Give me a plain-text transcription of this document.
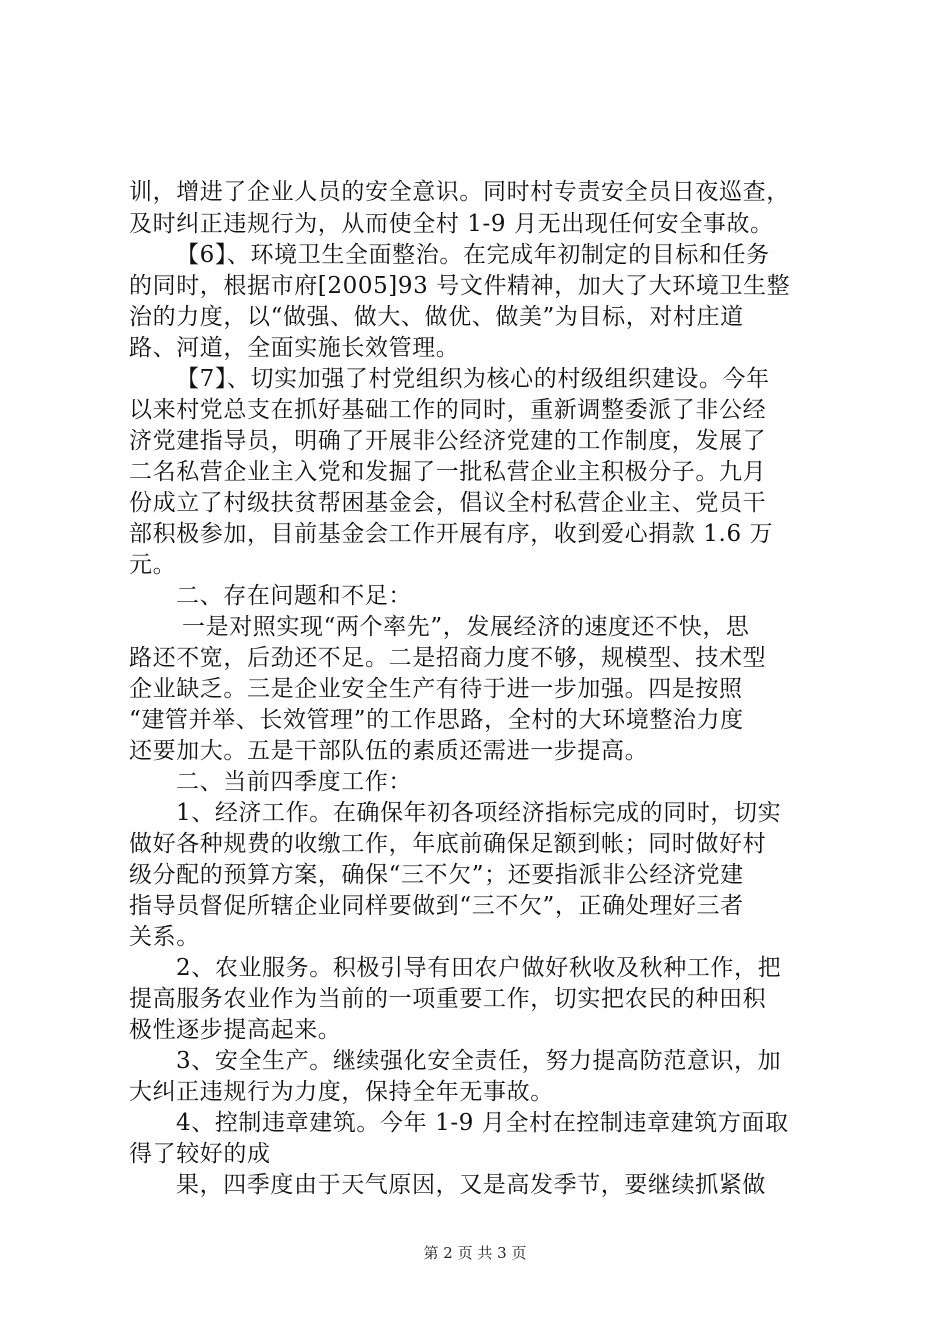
训，增进了企业人员的安全意识。同时村专责安全员日夜巡查，
及时纠正违规行为，从而使全村 1-9 月无出现任何安全事故。
【6】、环境卫生全面整治。在完成年初制定的目标和任务
的同时，根据市府[2005]93 号文件精神，加大了大环境卫生整
治的力度，以“做强、做大、做优、做美”为目标，对村庄道
路、河道，全面实施长效管理。
【7】、切实加强了村党组织为核心的村级组织建设。今年
以来村党总支在抓好基础工作的同时，重新调整委派了非公经
济党建指导员，明确了开展非公经济党建的工作制度，发展了
二名私营企业主入党和发掘了一批私营企业主积极分子。九月
份成立了村级扶贫帮困基金会，倡议全村私营企业主、党员干
部积极参加，目前基金会工作开展有序，收到爱心捐款 1.6 万
元。
二、存在问题和不足：
一是对照实现“两个率先”，发展经济的速度还不快，思
路还不宽，后劲还不足。二是招商力度不够，规模型、技术型
企业缺乏。三是企业安全生产有待于进一步加强。四是按照
“建管并举、长效管理”的工作思路，全村的大环境整治力度
还要加大。五是干部队伍的素质还需进一步提高。
二、当前四季度工作：
1、经济工作。在确保年初各项经济指标完成的同时，切实
做好各种规费的收缴工作，年底前确保足额到帐；同时做好村
级分配的预算方案，确保“三不欠”；还要指派非公经济党建
指导员督促所辖企业同样要做到“三不欠”，正确处理好三者
关系。
2、农业服务。积极引导有田农户做好秋收及秋种工作，把
提高服务农业作为当前的一项重要工作，切实把农民的种田积
极性逐步提高起来。
3、安全生产。继续强化安全责任，努力提高防范意识，加
大纠正违规行为力度，保持全年无事故。
4、控制违章建筑。今年 1-9 月全村在控制违章建筑方面取
得了较好的成
果，四季度由于天气原因，又是高发季节，要继续抓紧做
第 2 页 共 3 页
